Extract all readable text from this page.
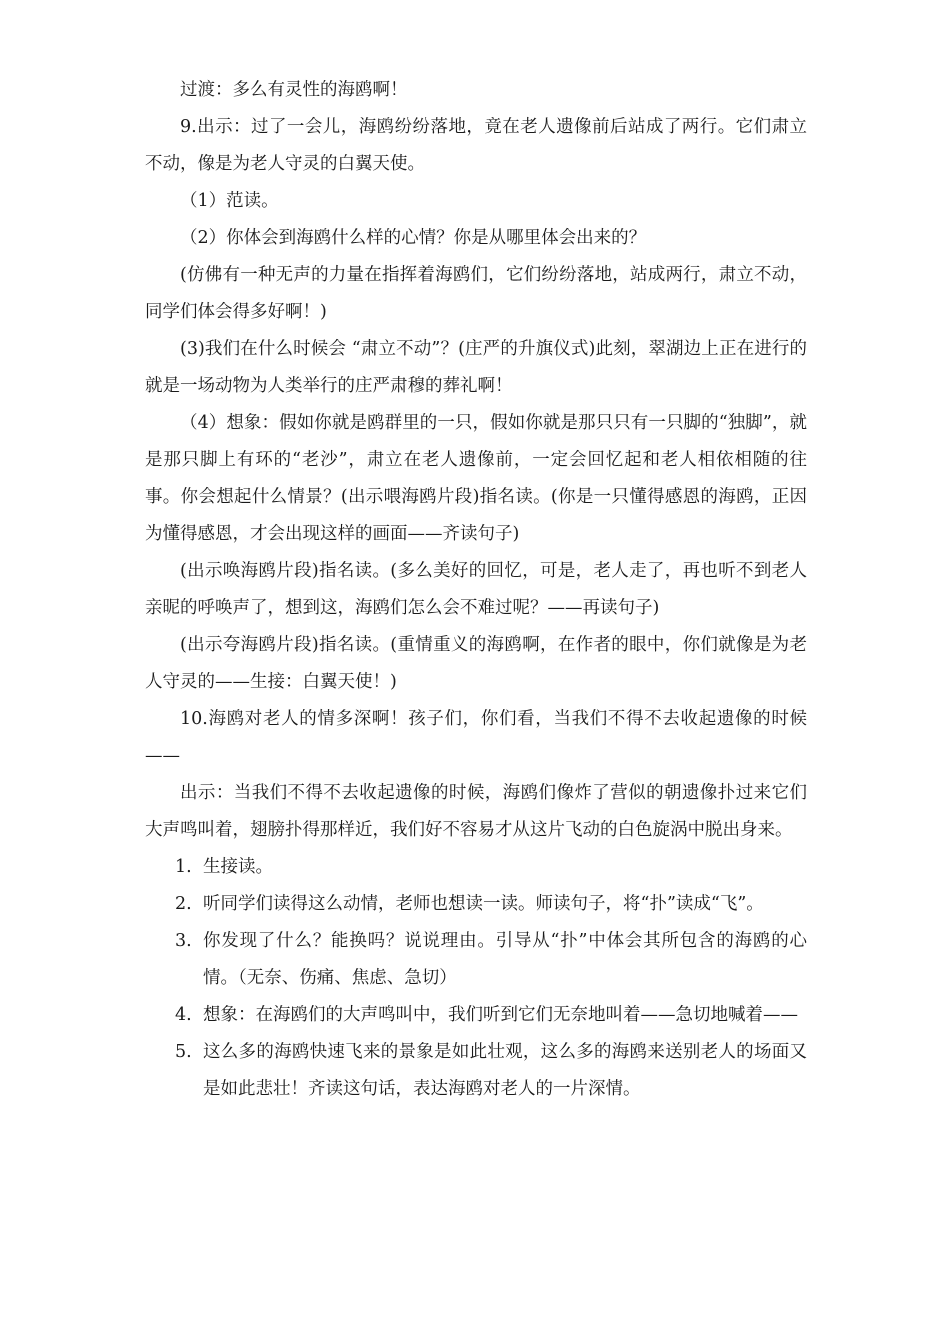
过渡：多么有灵性的海鸥啊！

9.出示：过了一会儿，海鸥纷纷落地，竟在老人遗像前后站成了两行。它们肃立不动，像是为老人守灵的白翼天使。

（1）范读。

（2）你体会到海鸥什么样的心情？你是从哪里体会出来的？

(仿佛有一种无声的力量在指挥着海鸥们，它们纷纷落地，站成两行，肃立不动，同学们体会得多好啊！)

(3)我们在什么时候会 “肃立不动”？(庄严的升旗仪式)此刻，翠湖边上正在进行的就是一场动物为人类举行的庄严肃穆的葬礼啊！

（4）想象：假如你就是鸥群里的一只，假如你就是那只只有一只脚的“独脚”，就是那只脚上有环的“老沙”，肃立在老人遗像前，一定会回忆起和老人相依相随的往事。你会想起什么情景？(出示喂海鸥片段)指名读。(你是一只懂得感恩的海鸥，正因为懂得感恩，才会出现这样的画面——齐读句子)

(出示唤海鸥片段)指名读。(多么美好的回忆，可是，老人走了，再也听不到老人亲昵的呼唤声了，想到这，海鸥们怎么会不难过呢？——再读句子)

(出示夸海鸥片段)指名读。(重情重义的海鸥啊，在作者的眼中，你们就像是为老人守灵的——生接：白翼天使！)

10.海鸥对老人的情多深啊！孩子们，你们看，当我们不得不去收起遗像的时候——

出示：当我们不得不去收起遗像的时候，海鸥们像炸了营似的朝遗像扑过来它们大声鸣叫着，翅膀扑得那样近，我们好不容易才从这片飞动的白色旋涡中脱出身来。

1. 生接读。
2. 听同学们读得这么动情，老师也想读一读。师读句子，将“扑”读成“飞”。
3. 你发现了什么？能换吗？说说理由。引导从“扑”中体会其所包含的海鸥的心情。（无奈、伤痛、焦虑、急切）
4. 想象：在海鸥们的大声鸣叫中，我们听到它们无奈地叫着——急切地喊着——
5. 这么多的海鸥快速飞来的景象是如此壮观，这么多的海鸥来送别老人的场面又是如此悲壮！齐读这句话，表达海鸥对老人的一片深情。
